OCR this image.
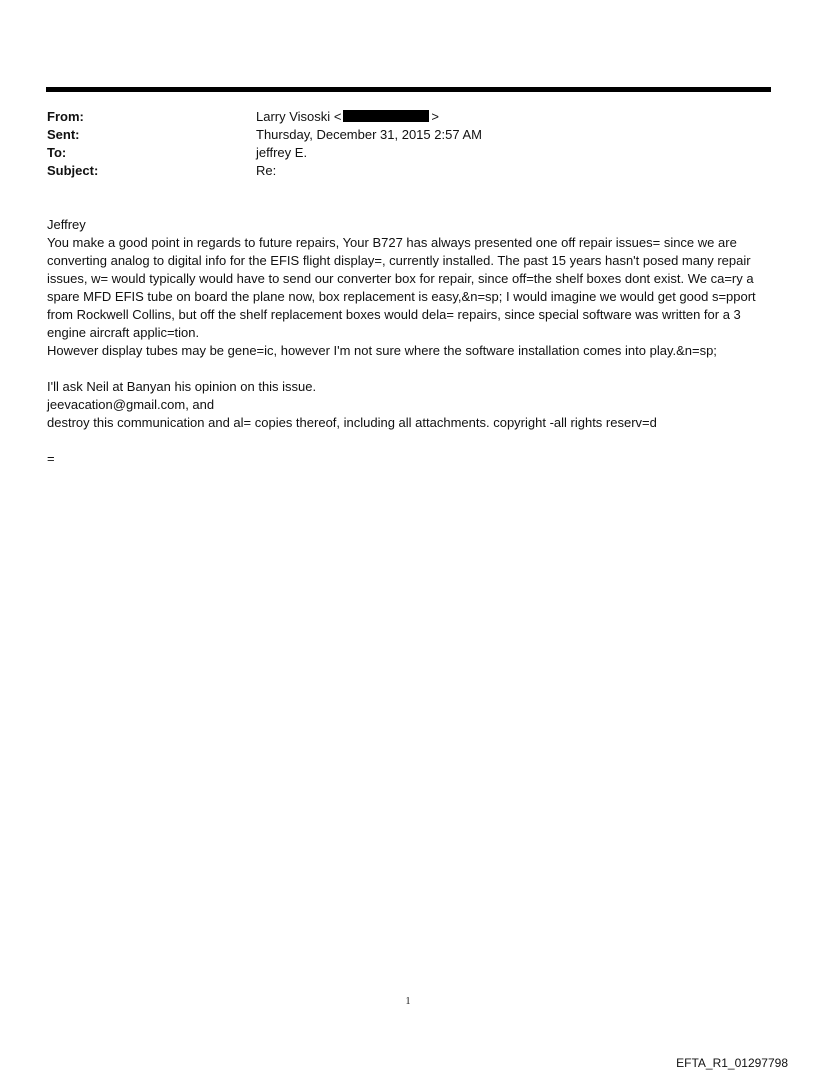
From:	Larry Visoski <	>
Sent:	Thursday, December 31, 2015 2:57 AM
To:	jeffrey E.
Subject:	Re:

Jeffrey

You make a good point in regards to future repairs, Your B727 has always presented one off repair issues= since we are converting analog to digital info for the EFIS flight display=, currently installed. The past 15 years hasn't posed many repair issues, w= would typically would have to send our converter box for repair, since off=the shelf boxes dont exist. We ca=ry a spare MFD EFIS tube on board the plane now, box replacement is easy,&n=sp; I would imagine we would get good s=pport from Rockwell Collins, but off the shelf replacement boxes would dela= repairs, since special software was written for a 3 engine aircraft applic=tion.

However display tubes may be gene=ic, however I'm not sure where the software installation comes into play.&n=sp;

I'll ask Neil at Banyan his opinion on this issue.

jeevacation@gmail.com, and

destroy this communication and al= copies thereof, including all attachments. copyright -all rights reserv=d

=

1
EFTA_R1_01297798
